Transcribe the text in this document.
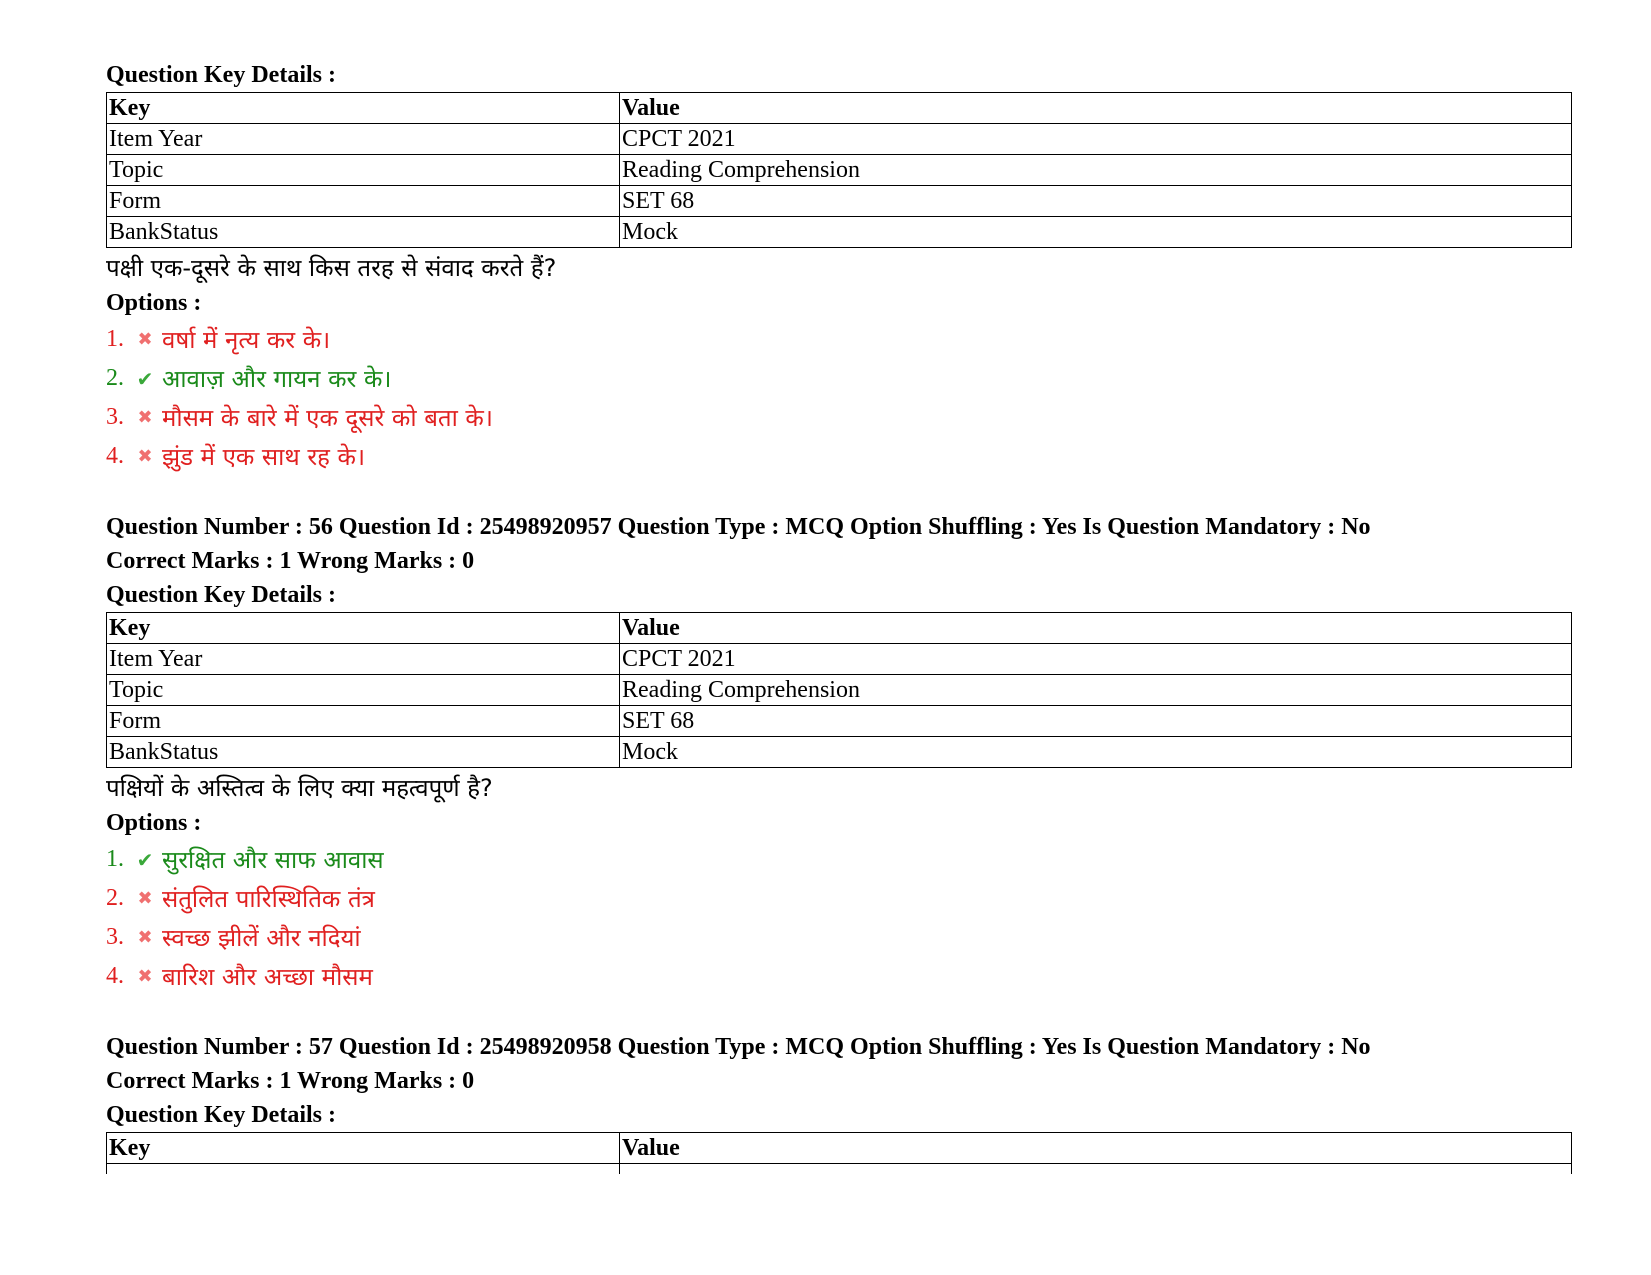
Question Key Details :
Key	Value
Item Year	CPCT 2021
Topic	Reading Comprehension
Form	SET 68
BankStatus	Mock
पक्षी एक-दूसरे के साथ किस तरह से संवाद करते हैं?
Options :
1. ✖ वर्षा में नृत्य कर के।
2. ✔ आवाज़ और गायन कर के।
3. ✖ मौसम के बारे में एक दूसरे को बता के।
4. ✖ झुंड में एक साथ रह के।
Question Number : 56 Question Id : 25498920957 Question Type : MCQ Option Shuffling : Yes Is Question Mandatory : No
Correct Marks : 1 Wrong Marks : 0
Question Key Details :
Key	Value
Item Year	CPCT 2021
Topic	Reading Comprehension
Form	SET 68
BankStatus	Mock
पक्षियों के अस्तित्व के लिए क्या महत्वपूर्ण है?
Options :
1. ✔ सुरक्षित और साफ आवास
2. ✖ संतुलित पारिस्थितिक तंत्र
3. ✖ स्वच्छ झीलें और नदियां
4. ✖ बारिश और अच्छा मौसम
Question Number : 57 Question Id : 25498920958 Question Type : MCQ Option Shuffling : Yes Is Question Mandatory : No
Correct Marks : 1 Wrong Marks : 0
Question Key Details :
Key	Value
